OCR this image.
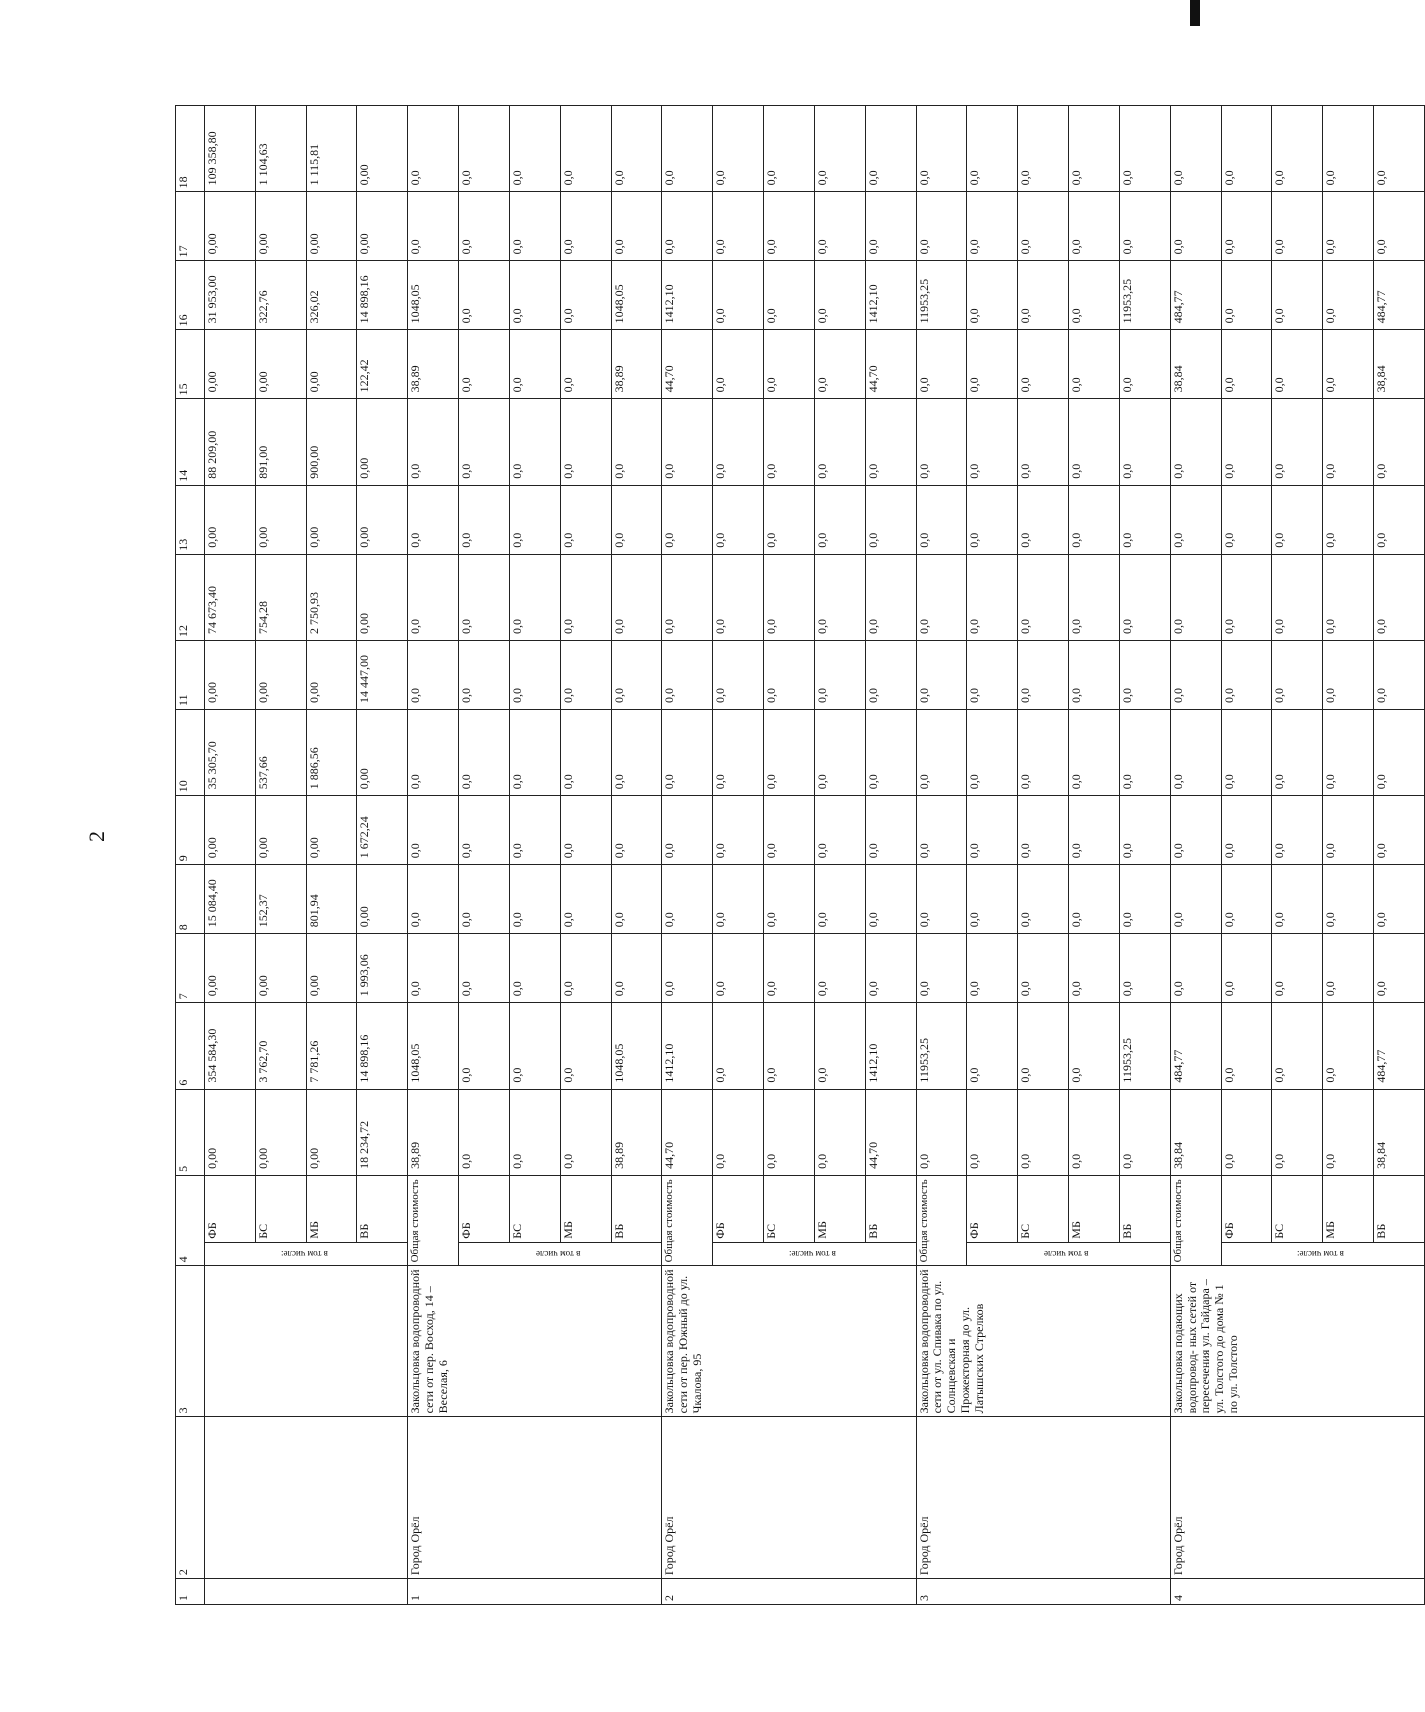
2
1	2	3	4		5	6	7	8	9	10	11	12	13	14	15	16	17	18
			в том числе:	ФБ	0,00	354 584,30	0,00	15 084,40	0,00	35 305,70	0,00	74 673,40	0,00	88 209,00	0,00	31 953,00	0,00	109 358,80
				БС	0,00	3 762,70	0,00	152,37	0,00	537,66	0,00	754,28	0,00	891,00	0,00	322,76	0,00	1 104,63
				МБ	0,00	7 781,26	0,00	801,94	0,00	1 886,56	0,00	2 750,93	0,00	900,00	0,00	326,02	0,00	1 115,81
				ВБ	18 234,72	14 898,16	1 993,06	0,00	1 672,24	0,00	14 447,00	0,00	0,00	0,00	122,42	14 898,16	0,00	0,00
1	Город Орёл	Закольцовка водопроводной сети от пер. Восход, 14 – Веселая, 6	Общая стоимость		38,89	1048,05	0,0	0,0	0,0	0,0	0,0	0,0	0,0	0,0	38,89	1048,05	0,0	0,0
			в том числе	ФБ	0,0	0,0	0,0	0,0	0,0	0,0	0,0	0,0	0,0	0,0	0,0	0,0	0,0	0,0
				БС	0,0	0,0	0,0	0,0	0,0	0,0	0,0	0,0	0,0	0,0	0,0	0,0	0,0	0,0
				МБ	0,0	0,0	0,0	0,0	0,0	0,0	0,0	0,0	0,0	0,0	0,0	0,0	0,0	0,0
				ВБ	38,89	1048,05	0,0	0,0	0,0	0,0	0,0	0,0	0,0	0,0	38,89	1048,05	0,0	0,0
2	Город Орёл	Закольцовка водопроводной сети от пер. Южный до ул. Чкалова, 95	Общая стоимость		44,70	1412,10	0,0	0,0	0,0	0,0	0,0	0,0	0,0	0,0	44,70	1412,10	0,0	0,0
			в том числе:	ФБ	0,0	0,0	0,0	0,0	0,0	0,0	0,0	0,0	0,0	0,0	0,0	0,0	0,0	0,0
				БС	0,0	0,0	0,0	0,0	0,0	0,0	0,0	0,0	0,0	0,0	0,0	0,0	0,0	0,0
				МБ	0,0	0,0	0,0	0,0	0,0	0,0	0,0	0,0	0,0	0,0	0,0	0,0	0,0	0,0
				ВБ	44,70	1412,10	0,0	0,0	0,0	0,0	0,0	0,0	0,0	0,0	44,70	1412,10	0,0	0,0
3	Город Орёл	Закольцовка водопроводной сети от ул. Спивака по ул. Солнцевская и Прожекторная до ул. Латышских Стрелков	Общая стоимость		0,0	11953,25	0,0	0,0	0,0	0,0	0,0	0,0	0,0	0,0	0,0	11953,25	0,0	0,0
			в том числе	ФБ	0,0	0,0	0,0	0,0	0,0	0,0	0,0	0,0	0,0	0,0	0,0	0,0	0,0	0,0
				БС	0,0	0,0	0,0	0,0	0,0	0,0	0,0	0,0	0,0	0,0	0,0	0,0	0,0	0,0
				МБ	0,0	0,0	0,0	0,0	0,0	0,0	0,0	0,0	0,0	0,0	0,0	0,0	0,0	0,0
				ВБ	0,0	11953,25	0,0	0,0	0,0	0,0	0,0	0,0	0,0	0,0	0,0	11953,25	0,0	0,0
4	Город Орёл	Закольцовка подающих водопровод- ных сетей от пересечения ул. Гайдара – ул. Толстого до дома № 1 по ул. Толстого	Общая стоимость		38,84	484,77	0,0	0,0	0,0	0,0	0,0	0,0	0,0	0,0	38,84	484,77	0,0	0,0
			в том числе:	ФБ	0,0	0,0	0,0	0,0	0,0	0,0	0,0	0,0	0,0	0,0	0,0	0,0	0,0	0,0
				БС	0,0	0,0	0,0	0,0	0,0	0,0	0,0	0,0	0,0	0,0	0,0	0,0	0,0	0,0
				МБ	0,0	0,0	0,0	0,0	0,0	0,0	0,0	0,0	0,0	0,0	0,0	0,0	0,0	0,0
				ВБ	38,84	484,77	0,0	0,0	0,0	0,0	0,0	0,0	0,0	0,0	38,84	484,77	0,0	0,0
